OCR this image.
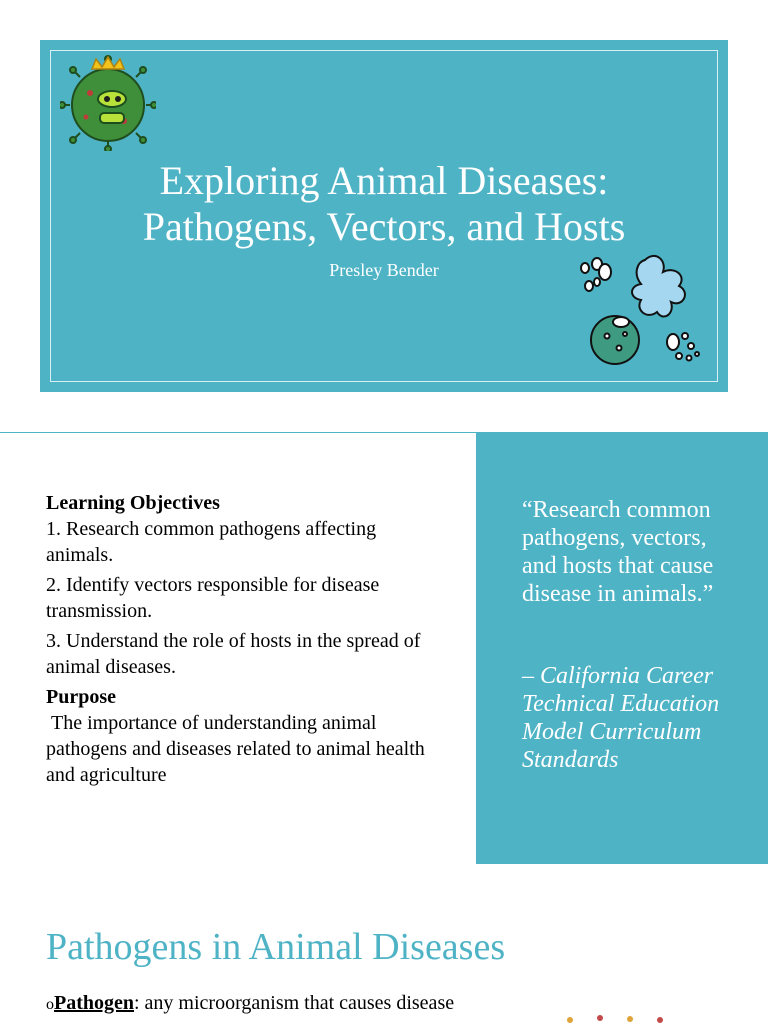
Exploring Animal Diseases:
Pathogens, Vectors, and Hosts
Presley Bender
Learning Objectives

1. Research common pathogens affecting animals.

2. Identify vectors responsible for disease transmission.

3. Understand the role of hosts in the spread of animal diseases.

Purpose

The importance of understanding animal pathogens and diseases related to animal health and agriculture

“Research common pathogens, vectors, and hosts that cause disease in animals.”
– California Career Technical Education Model Curriculum Standards
Pathogens in Animal Diseases
oPathogen: any microorganism that causes disease
